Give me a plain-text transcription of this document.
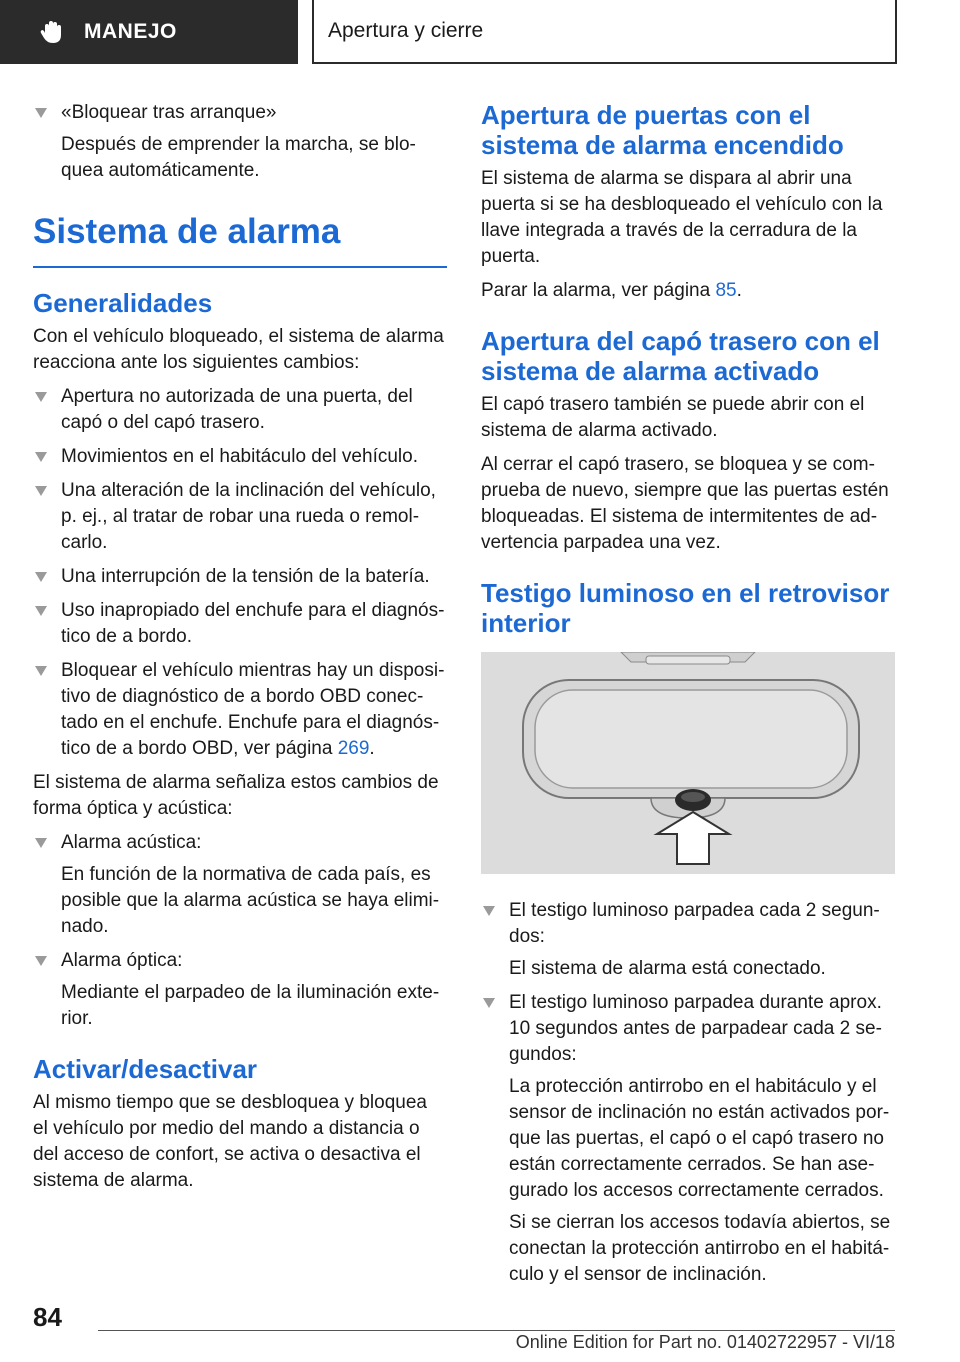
MANEJO	Apertura y cierre

«Bloquear tras arranque»

Después de emprender la marcha, se bloquea automáticamente.

Sistema de alarma
Generalidades

Con el vehículo bloqueado, el sistema de alarma reacciona ante los siguientes cambios:

Apertura no autorizada de una puerta, del capó o del capó trasero.

Movimientos en el habitáculo del vehículo.

Una alteración de la inclinación del vehículo, p. ej., al tratar de robar una rueda o remolcarlo.

Una interrupción de la tensión de la batería.

Uso inapropiado del enchufe para el diagnóstico de a bordo.

Bloquear el vehículo mientras hay un dispositivo de diagnóstico de a bordo OBD conectado en el enchufe. Enchufe para el diagnóstico de a bordo OBD, ver página 269.

El sistema de alarma señaliza estos cambios de forma óptica y acústica:

Alarma acústica:

En función de la normativa de cada país, es posible que la alarma acústica se haya eliminado.

Alarma óptica:

Mediante el parpadeo de la iluminación exterior.

Activar/desactivar

Al mismo tiempo que se desbloquea y bloquea el vehículo por medio del mando a distancia o del acceso de confort, se activa o desactiva el sistema de alarma.

Apertura de puertas con el sistema de alarma encendido

El sistema de alarma se dispara al abrir una puerta si se ha desbloqueado el vehículo con la llave integrada a través de la cerradura de la puerta.

Parar la alarma, ver página 85.

Apertura del capó trasero con el sistema de alarma activado

El capó trasero también se puede abrir con el sistema de alarma activado.

Al cerrar el capó trasero, se bloquea y se comprueba de nuevo, siempre que las puertas estén bloqueadas. El sistema de intermitentes de advertencia parpadea una vez.

Testigo luminoso en el retrovisor interior

El testigo luminoso parpadea cada 2 segundos:

El sistema de alarma está conectado.

El testigo luminoso parpadea durante aprox. 10 segundos antes de parpadear cada 2 segundos:

La protección antirrobo en el habitáculo y el sensor de inclinación no están activados porque las puertas, el capó o el capó trasero no están correctamente cerrados. Se han asegurado los accesos correctamente cerrados.

Si se cierran los accesos todavía abiertos, se conectan la protección antirrobo en el habitáculo y el sensor de inclinación.

84
Online Edition for Part no. 01402722957 - VI/18
